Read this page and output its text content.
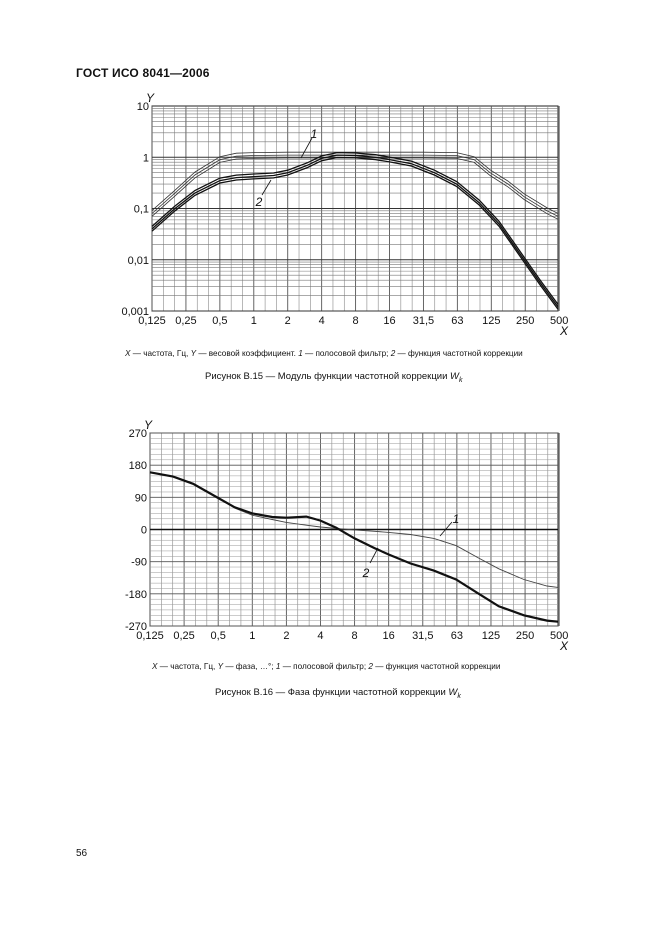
ГОСТ ИСО 8041—2006
0,125 0,25 0,5 1	2	4	8 16 31,5 63 125 250 500
0,001
0,01
0,1
1
10
Y
X
0,125 0,25 0,5 1	2	4	8 16 31,5 63 125 250 500
270
180
90
0
-90
-180
-270
Y
X
1
2
1
2
X — частота, Гц, Y — весовой коэффициент. 1 — полосовой фильтр; 2 — функция частотной коррекции
Рисунок В.15 — Модуль функции частотной коррекции $W_k$
X — частота, Гц, Y — фаза, …°; 1 — полосовой фильтр; 2 — функция частотной коррекции
Рисунок В.16 — Фаза функции частотной коррекции $W_k$
56
